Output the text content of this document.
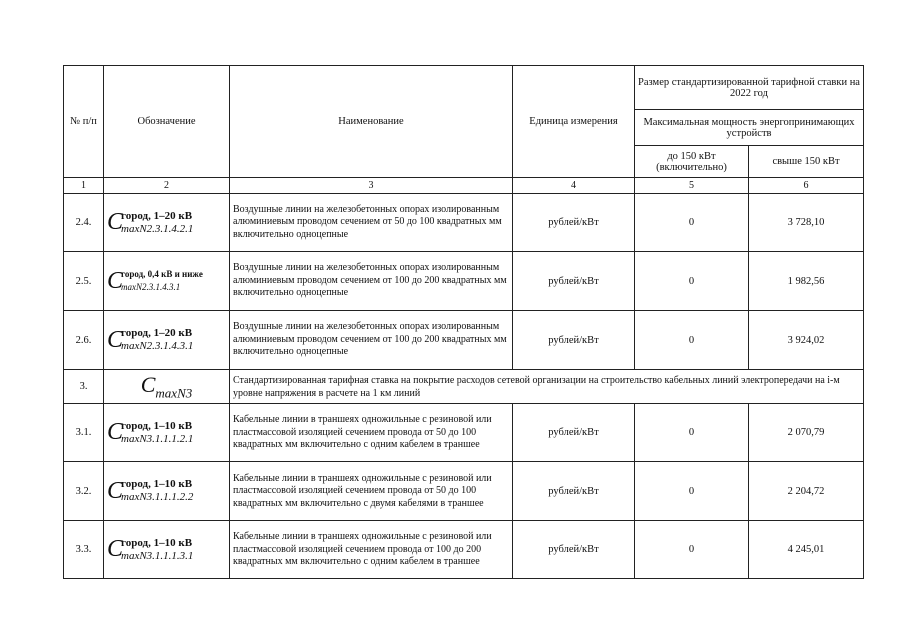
№ п/п	Обозначение	Наименование	Единица измерения	Размер стандартизированной тарифной ставки на 2022 год	
				Максимальная мощность энергопринимающих устройств	
				до 150 кВт (включительно)	свыше 150 кВт
1	2	3	4	5	6
2.4.	C
город, 1–20 кВ
maxN2.3.1.4.2.1	Воздушные линии на железобетонных опорах изолированным алюминиевым проводом сечением от 50 до 100 квадратных мм включительно одноцепные	рублей/кВт	0	3 728,10
2.5.	C
город, 0,4 кВ и ниже
maxN2.3.1.4.3.1	Воздушные линии на железобетонных опорах изолированным алюминиевым проводом сечением от 100 до 200 квадратных мм включительно одноцепные	рублей/кВт	0	1 982,56
2.6.	C
город, 1–20 кВ
maxN2.3.1.4.3.1	Воздушные линии на железобетонных опорах изолированным алюминиевым проводом сечением от 100 до 200 квадратных мм включительно одноцепные	рублей/кВт	0	3 924,02
3.	$C_{maxN3}$	Стандартизированная тарифная ставка на покрытие расходов сетевой организации на строительство кабельных линий электропередачи на i-м уровне напряжения в расчете на 1 км линий			
3.1.	C
город, 1–10 кВ
maxN3.1.1.1.2.1	Кабельные линии в траншеях одножильные с резиновой или пластмассовой изоляцией сечением провода от 50 до 100 квадратных мм включительно с одним кабелем в траншее	рублей/кВт	0	2 070,79
3.2.	C
город, 1–10 кВ
maxN3.1.1.1.2.2	Кабельные линии в траншеях одножильные с резиновой или пластмассовой изоляцией сечением провода от 50 до 100 квадратных мм включительно с двумя кабелями в траншее	рублей/кВт	0	2 204,72
3.3.	C
город, 1–10 кВ
maxN3.1.1.1.3.1	Кабельные линии в траншеях одножильные с резиновой или пластмассовой изоляцией сечением провода от 100 до 200 квадратных мм включительно с одним кабелем в траншее	рублей/кВт	0	4 245,01
